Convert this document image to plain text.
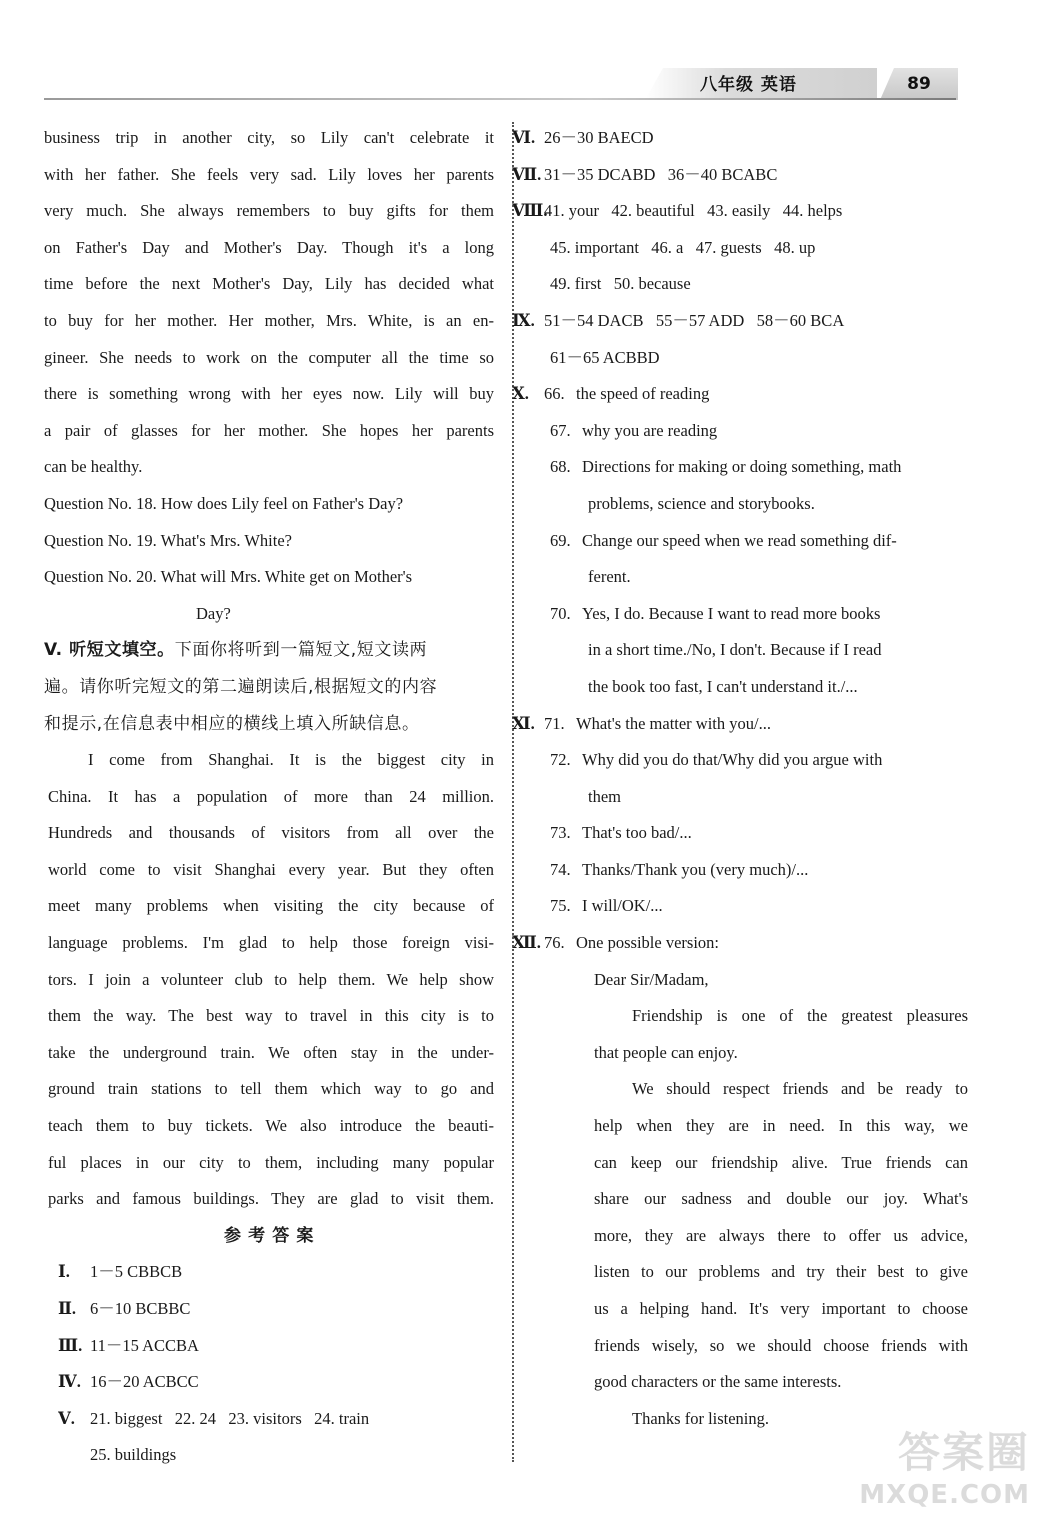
八年级 英语	89
business trip in another city, so Lily can't celebrate it
with her father. She feels very sad. Lily loves her parents
very much. She always remembers to buy gifts for them
on Father's Day and Mother's Day. Though it's a long
time before the next Mother's Day, Lily has decided what
to buy for her mother. Her mother, Mrs. White, is an en-
gineer. She needs to work on the computer all the time so
there is something wrong with her eyes now. Lily will buy
a pair of glasses for her mother. She hopes her parents
can be healthy.
Question No. 18. How does Lily feel on Father's Day?
Question No. 19. What's Mrs. White?
Question No. 20. What will Mrs. White get on Mother's
Day?
V. 听短文填空。下面你将听到一篇短文,短文读两
遍。请你听完短文的第二遍朗读后,根据短文的内容
和提示,在信息表中相应的横线上填入所缺信息。
I come from Shanghai. It is the biggest city in
China. It has a population of more than 24 million.
Hundreds and thousands of visitors from all over the
world come to visit Shanghai every year. But they often
meet many problems when visiting the city because of
language problems. I'm glad to help those foreign visi-
tors. I join a volunteer club to help them. We help show
them the way. The best way to travel in this city is to
take the underground train. We often stay in the under-
ground train stations to tell them which way to go and
teach them to buy tickets. We also introduce the beauti-
ful places in our city to them, including many popular
parks and famous buildings. They are glad to visit them.
参 考 答 案
Ⅰ. 1－5 CBBCB
Ⅱ. 6－10 BCBBC
Ⅲ. 11－15 ACCBA
Ⅳ. 16－20 ACBCC
Ⅴ. 21. biggest   22. 24   23. visitors   24. train
25. buildings
Ⅵ. 26－30 BAECD
Ⅶ. 31－35 DCABD   36－40 BCABC
Ⅷ.41. your   42. beautiful   43. easily   44. helps
45. important   46. a   47. guests   48. up
49. first   50. because
Ⅸ. 51－54 DACB   55－57 ADD   58－60 BCA
61－65 ACBBD
Ⅹ. 66. the speed of reading
67. why you are reading
68. Directions for making or doing something, math
problems, science and storybooks.
69. Change our speed when we read something dif-
ferent.
70. Yes, I do. Because I want to read more books
in a short time./No, I don't. Because if I read
the book too fast, I can't understand it./...
Ⅺ. 71. What's the matter with you/...
72. Why did you do that/Why did you argue with
them
73. That's too bad/...
74. Thanks/Thank you (very much)/...
75. I will/OK/...
Ⅻ. 76. One possible version:
Dear Sir/Madam,
Friendship is one of the greatest pleasures
that people can enjoy.
We should respect friends and be ready to
help when they are in need. In this way, we
can keep our friendship alive. True friends can
share our sadness and double our joy. What's
more, they are always there to offer us advice,
listen to our problems and try their best to give
us a helping hand. It's very important to choose
friends wisely, so we should choose friends with
good characters or the same interests.
Thanks for listening.
答案圈
MXQE.COM
